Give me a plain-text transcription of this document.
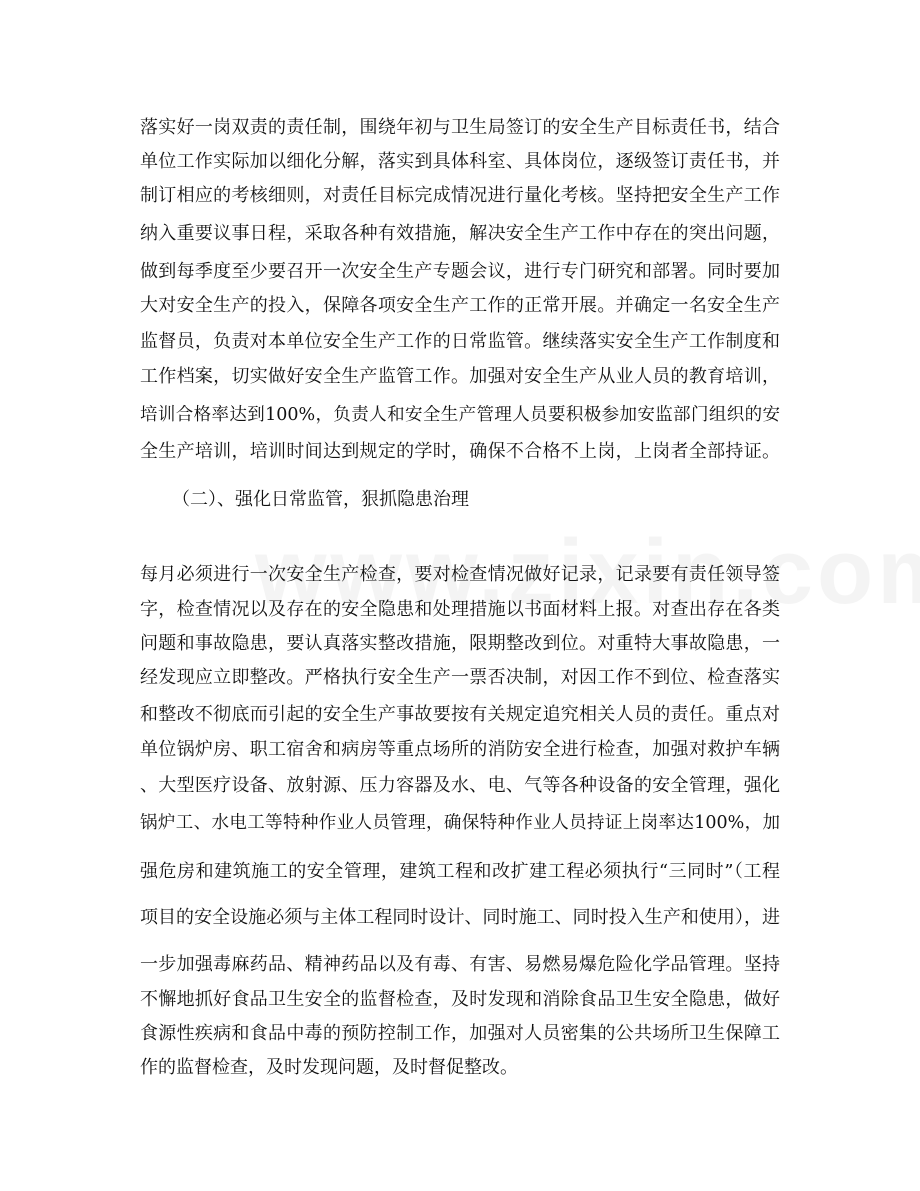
落实好一岗双责的责任制，围绕年初与卫生局签订的安全生产目标责任书，结合
单位工作实际加以细化分解，落实到具体科室、具体岗位，逐级签订责任书，并
制订相应的考核细则，对责任目标完成情况进行量化考核。坚持把安全生产工作
纳入重要议事日程，采取各种有效措施，解决安全生产工作中存在的突出问题，
做到每季度至少要召开一次安全生产专题会议，进行专门研究和部署。同时要加
大对安全生产的投入，保障各项安全生产工作的正常开展。并确定一名安全生产
监督员，负责对本单位安全生产工作的日常监管。继续落实安全生产工作制度和
工作档案，切实做好安全生产监管工作。加强对安全生产从业人员的教育培训，
培训合格率达到100%，负责人和安全生产管理人员要积极参加安监部门组织的安
全生产培训，培训时间达到规定的学时，确保不合格不上岗，上岗者全部持证。
（二）、强化日常监管，狠抓隐患治理
每月必须进行一次安全生产检查，要对检查情况做好记录，记录要有责任领导签
字，检查情况以及存在的安全隐患和处理措施以书面材料上报。对查出存在各类
问题和事故隐患，要认真落实整改措施，限期整改到位。对重特大事故隐患，一
经发现应立即整改。严格执行安全生产一票否决制，对因工作不到位、检查落实
和整改不彻底而引起的安全生产事故要按有关规定追究相关人员的责任。重点对
单位锅炉房、职工宿舍和病房等重点场所的消防安全进行检查，加强对救护车辆
、大型医疗设备、放射源、压力容器及水、电、气等各种设备的安全管理，强化
锅炉工、水电工等特种作业人员管理，确保特种作业人员持证上岗率达100%，加
强危房和建筑施工的安全管理，建筑工程和改扩建工程必须执行“三同时”（工程
项目的安全设施必须与主体工程同时设计、同时施工、同时投入生产和使用），进
一步加强毒麻药品、精神药品以及有毒、有害、易燃易爆危险化学品管理。坚持
不懈地抓好食品卫生安全的监督检查，及时发现和消除食品卫生安全隐患，做好
食源性疾病和食品中毒的预防控制工作，加强对人员密集的公共场所卫生保障工
作的监督检查，及时发现问题，及时督促整改。
